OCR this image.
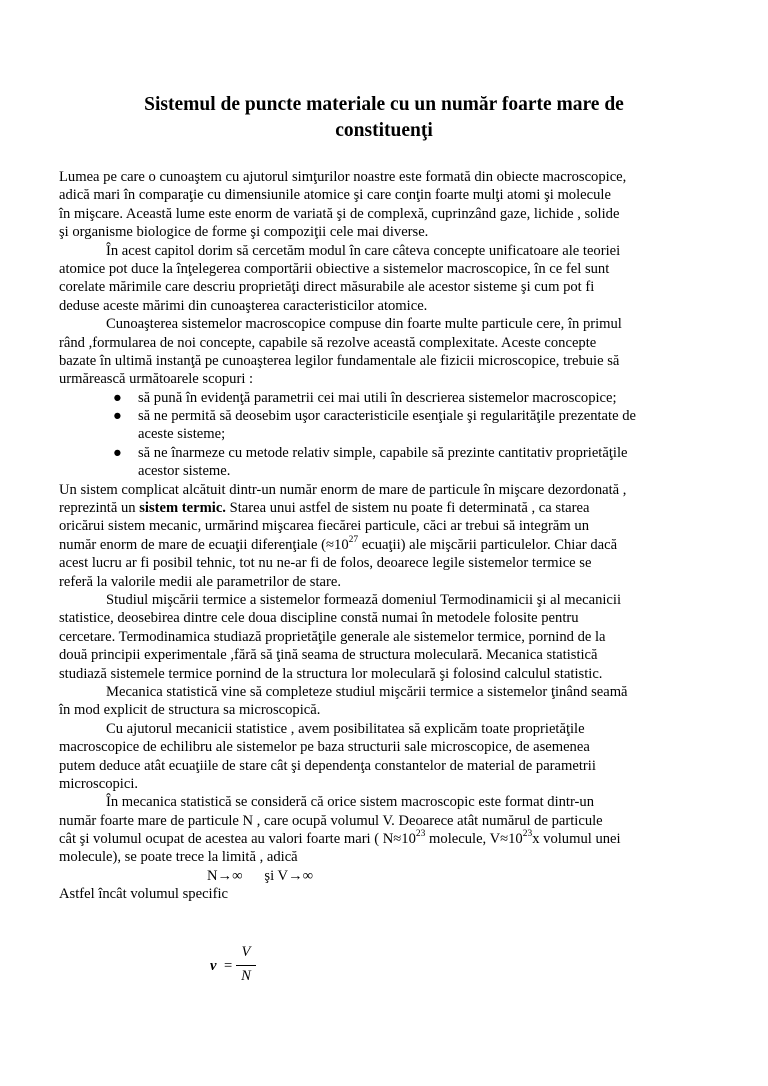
Sistemul de puncte materiale cu un număr foarte mare de
constituenţi
Lumea pe care o cunoaştem cu ajutorul simţurilor noastre este formată din obiecte macroscopice,
adică mari în comparaţie cu dimensiunile atomice şi care conţin foarte mulţi atomi şi molecule
în mişcare. Această lume este enorm de variată şi de complexă, cuprinzând gaze, lichide , solide
şi organisme biologice de forme şi compoziţii cele mai diverse.
În acest capitol dorim să cercetăm modul în care câteva concepte unificatoare ale teoriei
atomice pot duce la înţelegerea comportării obiective a sistemelor macroscopice, în ce fel sunt
corelate mărimile care descriu proprietăţi direct măsurabile ale acestor sisteme şi cum pot fi
deduse aceste mărimi din cunoaşterea caracteristicilor atomice.
Cunoaşterea sistemelor macroscopice compuse din foarte multe particule cere, în primul
rând ,formularea de noi concepte, capabile să rezolve această complexitate. Aceste concepte
bazate în ultimă instanţă pe cunoaşterea legilor fundamentale ale fizicii microscopice, trebuie să
urmărească următoarele scopuri :
● să pună în evidenţă parametrii cei mai utili în descrierea sistemelor macroscopice;
● să ne permită să deosebim uşor caracteristicile esenţiale şi regularităţile prezentate de
aceste sisteme;
● să ne înarmeze cu metode relativ simple, capabile să prezinte cantitativ proprietăţile
acestor sisteme.
Un sistem complicat alcătuit dintr-un număr enorm de mare de particule în mişcare dezordonată ,
reprezintă un sistem termic. Starea unui astfel de sistem nu poate fi determinată , ca starea
oricărui sistem mecanic, urmărind mişcarea fiecărei particule, căci ar trebui să integrăm un
număr enorm de mare de ecuaţii diferenţiale ($\approx 10^{27}$ ecuaţii) ale mişcării particulelor. Chiar dacă
acest lucru ar fi posibil tehnic, tot nu ne-ar fi de folos, deoarece legile sistemelor termice se
referă la valorile medii ale parametrilor de stare.
Studiul mişcării termice a sistemelor formează domeniul Termodinamicii şi al mecanicii
statistice, deosebirea dintre cele doua discipline constă numai în metodele folosite pentru
cercetare. Termodinamica studiază proprietăţile generale ale sistemelor termice, pornind de la
două principii experimentale ,fără să ţină seama de structura moleculară. Mecanica statistică
studiază sistemele termice pornind de la structura lor moleculară şi folosind calculul statistic.
Mecanica statistică vine să completeze studiul mişcării termice a sistemelor ţinând seamă
în mod explicit de structura sa microscopică.
Cu ajutorul mecanicii statistice , avem posibilitatea să explicăm toate proprietăţile
macroscopice de echilibru ale sistemelor pe baza structurii sale microscopice, de asemenea
putem deduce atât ecuaţiile de stare cât şi dependenţa constantelor de material de parametrii
microscopici.
În mecanica statistică se consideră că orice sistem macroscopic este format dintr-un
număr foarte mare de particule N , care ocupă volumul V. Deoarece atât numărul de particule
cât şi volumul ocupat de acestea au valori foarte mari ( $N\approx 10^{23}$ molecule, $V\approx 10^{23}x$ volumul unei
molecule), se poate trece la limită , adică
N→∞      şi V→∞
Astfel încât volumul specific
v =
V
N
